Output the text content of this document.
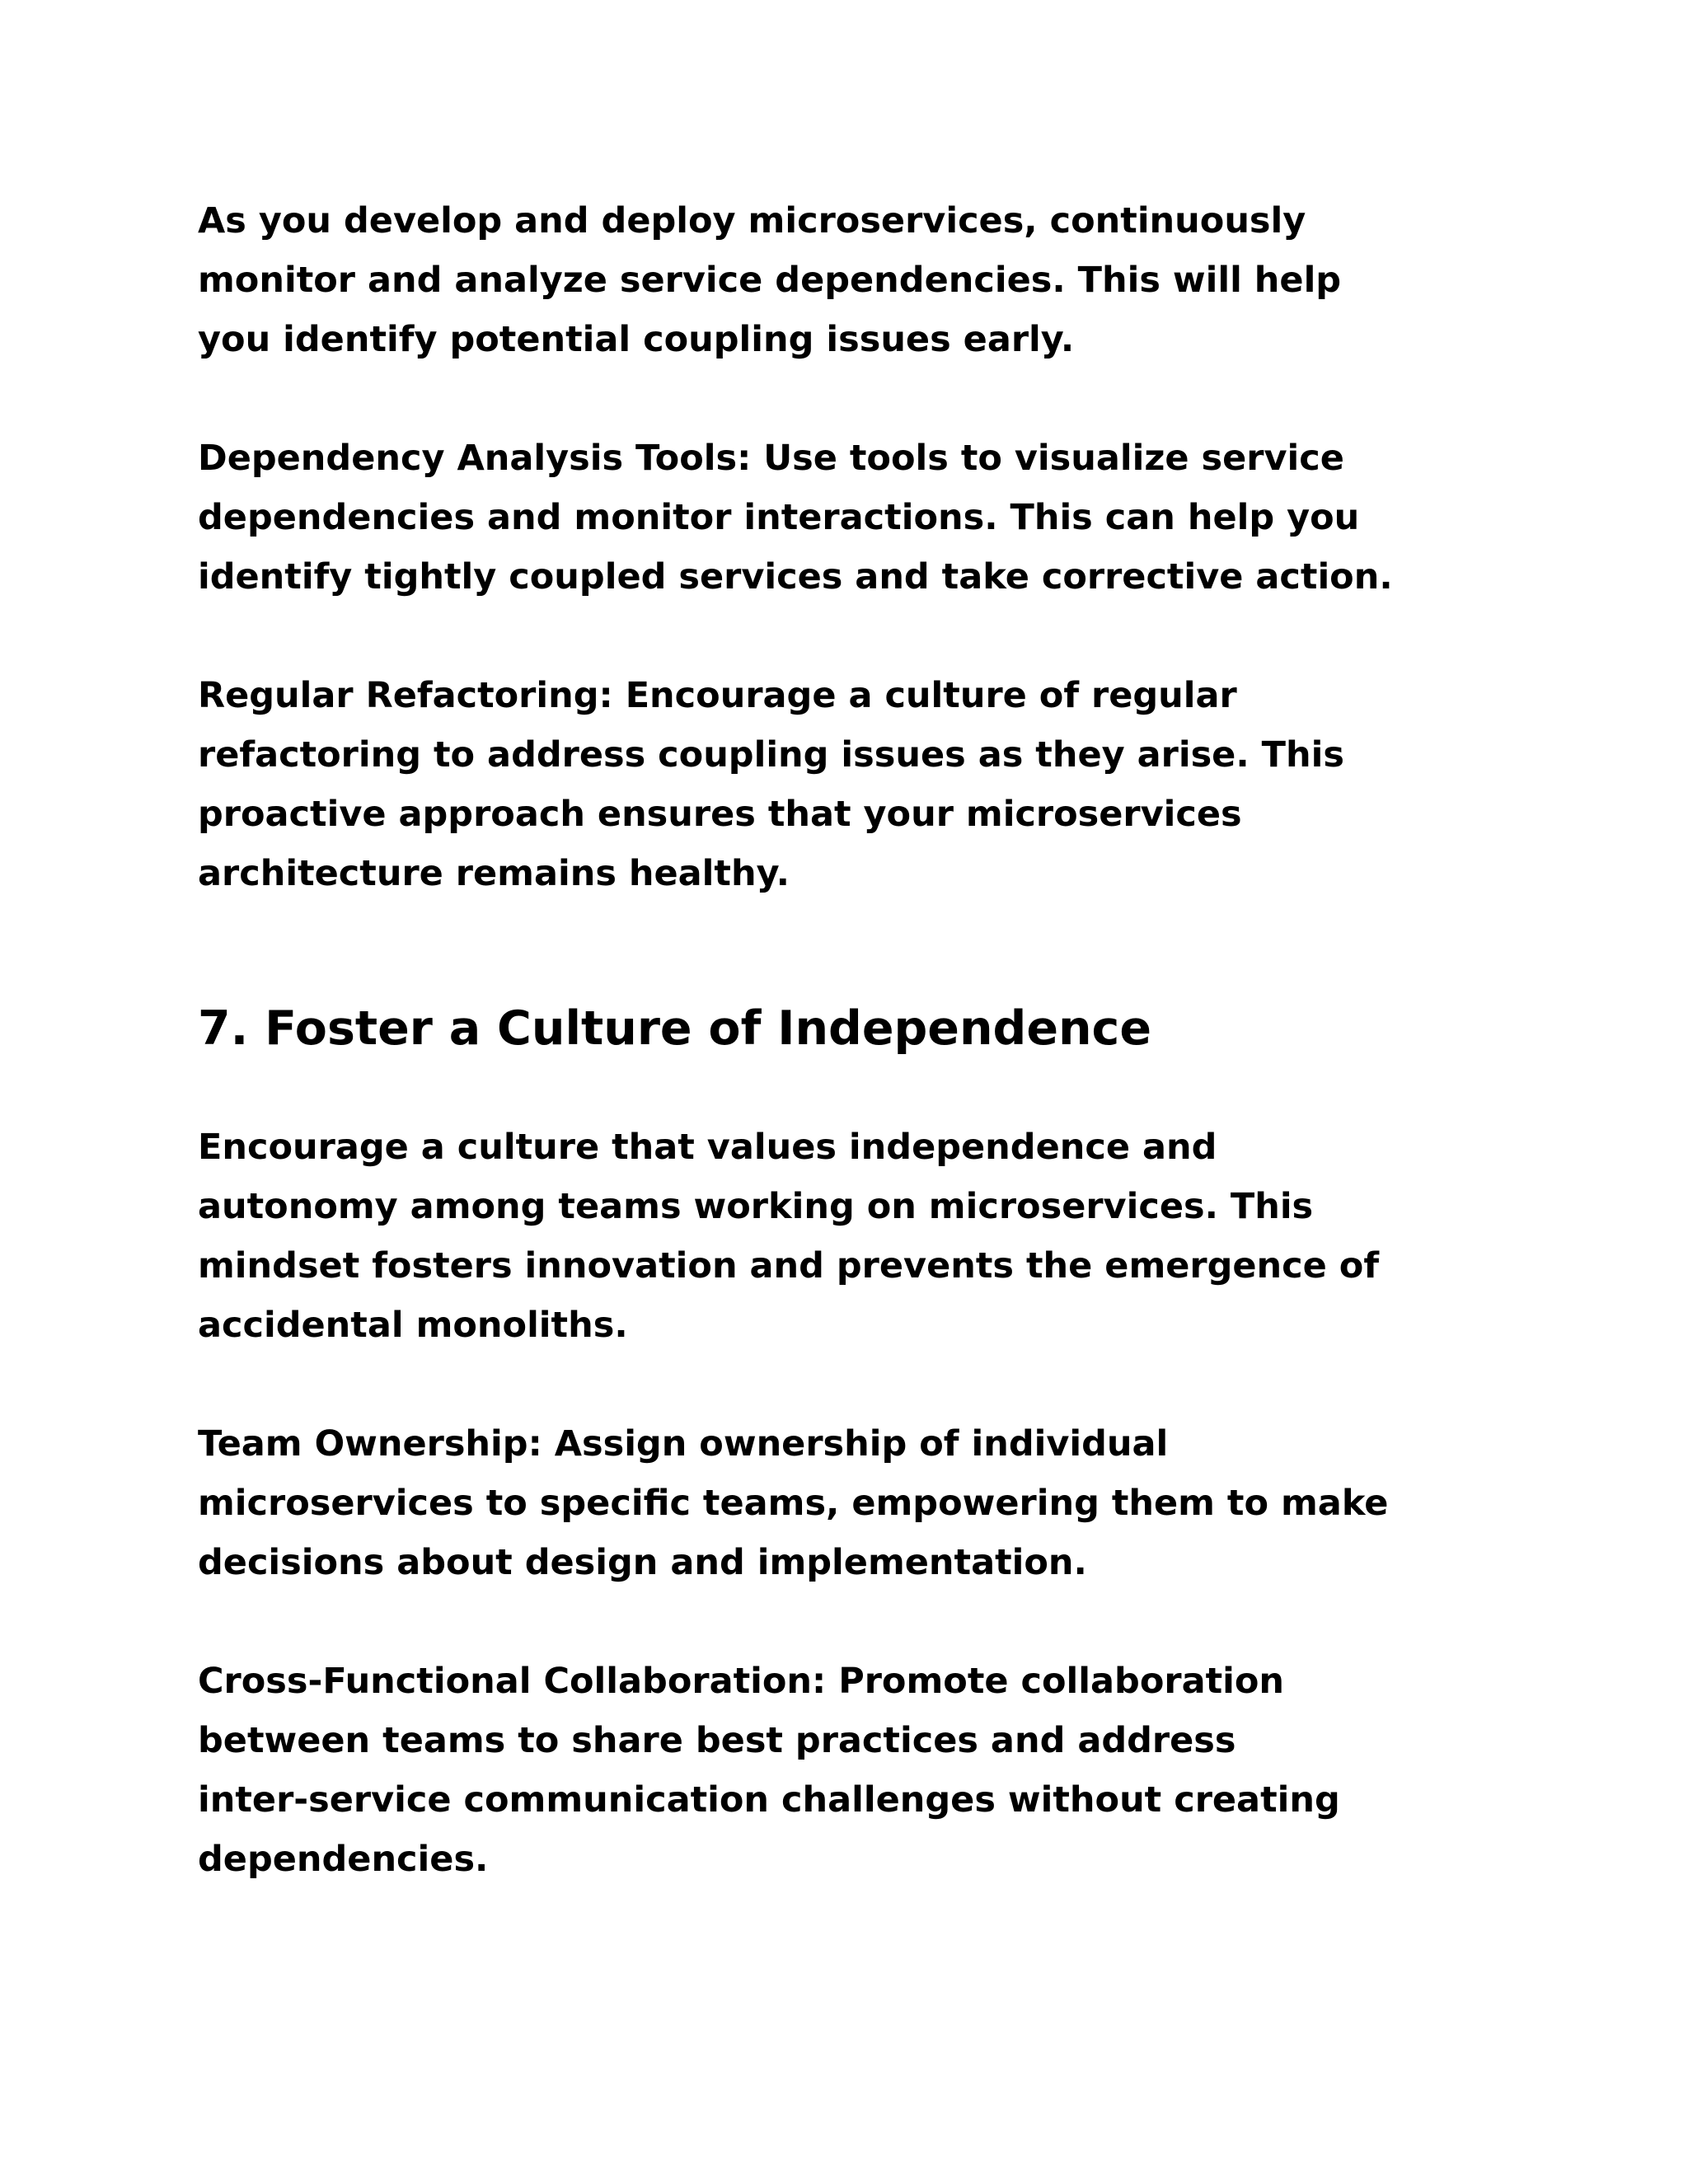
As you develop and deploy microservices, continuously
monitor and analyze service dependencies. This will help
you identify potential coupling issues early.

Dependency Analysis Tools: Use tools to visualize service
dependencies and monitor interactions. This can help you
identify tightly coupled services and take corrective action.

Regular Refactoring: Encourage a culture of regular
refactoring to address coupling issues as they arise. This
proactive approach ensures that your microservices
architecture remains healthy.

7. Foster a Culture of Independence

Encourage a culture that values independence and
autonomy among teams working on microservices. This
mindset fosters innovation and prevents the emergence of
accidental monoliths.

Team Ownership: Assign ownership of individual
microservices to specific teams, empowering them to make
decisions about design and implementation.

Cross-Functional Collaboration: Promote collaboration
between teams to share best practices and address
inter-service communication challenges without creating
dependencies.
